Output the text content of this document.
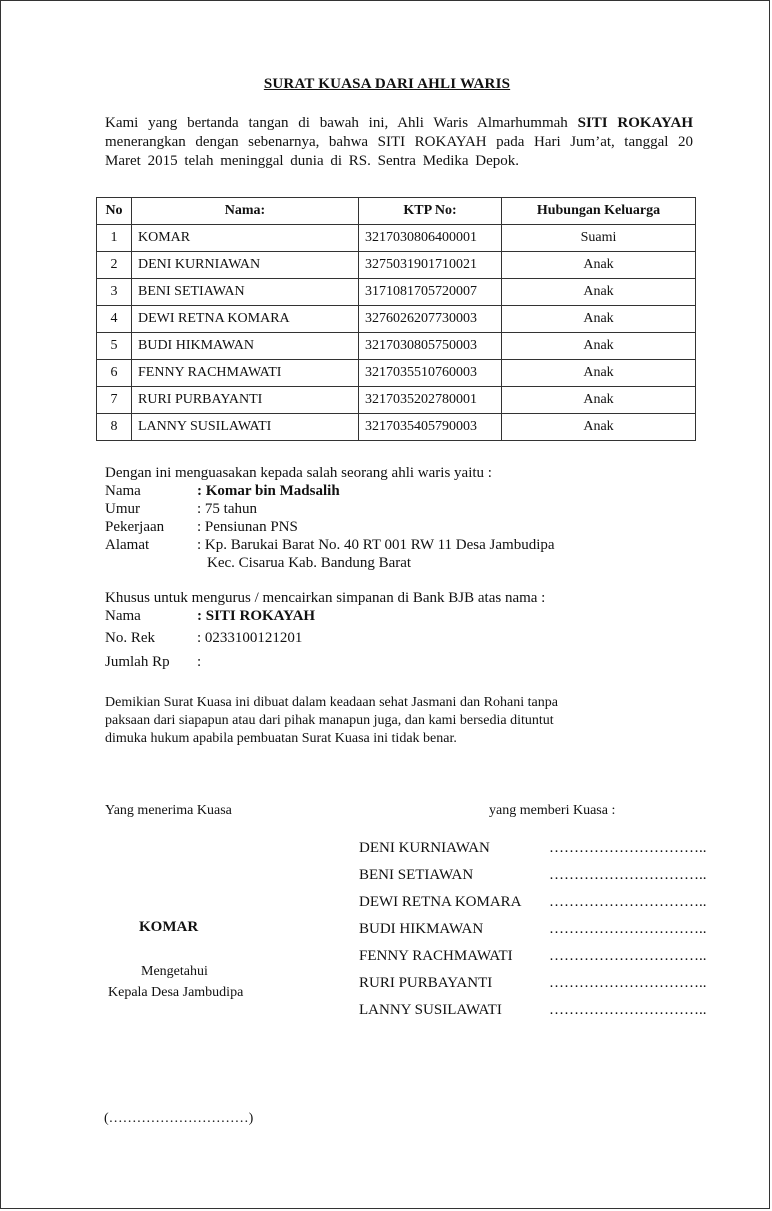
SURAT KUASA DARI AHLI WARIS
Kami yang bertanda tangan di bawah ini, Ahli Waris Almarhummah SITI ROKAYAH menerangkan dengan sebenarnya, bahwa SITI ROKAYAH pada Hari Jum’at, tanggal 20 Maret 2015 telah meninggal dunia di RS. Sentra Medika Depok.
No	Nama:	KTP No:	Hubungan Keluarga
1	KOMAR	3217030806400001	Suami
2	DENI KURNIAWAN	3275031901710021	Anak
3	BENI SETIAWAN	3171081705720007	Anak
4	DEWI RETNA KOMARA	3276026207730003	Anak
5	BUDI HIKMAWAN	3217030805750003	Anak
6	FENNY RACHMAWATI	3217035510760003	Anak
7	RURI PURBAYANTI	3217035202780001	Anak
8	LANNY SUSILAWATI	3217035405790003	Anak
Dengan ini menguasakan kepada salah seorang ahli waris yaitu :
Nama	: Komar bin Madsalih
Umur	: 75 tahun
Pekerjaan	: Pensiunan PNS
Alamat	: Kp. Barukai Barat No. 40 RT 001 RW 11 Desa Jambudipa
Kec. Cisarua Kab. Bandung Barat
Khusus untuk mengurus / mencairkan simpanan di Bank BJB atas nama :
Nama	: SITI ROKAYAH
No. Rek	: 0233100121201
Jumlah Rp	:
Demikian Surat Kuasa ini dibuat dalam keadaan sehat Jasmani dan Rohani tanpa
paksaan dari siapapun atau dari pihak manapun juga, dan kami bersedia dituntut
dimuka hukum apabila pembuatan Surat Kuasa ini tidak benar.
Yang menerima Kuasa	yang memberi Kuasa :
DENI KURNIAWAN	…………………………..
BENI SETIAWAN	…………………………..
DEWI RETNA KOMARA	…………………………..
BUDI HIKMAWAN	…………………………..
FENNY RACHMAWATI	…………………………..
RURI PURBAYANTI	…………………………..
LANNY SUSILAWATI	…………………………..
KOMAR
Mengetahui
Kepala Desa Jambudipa
(…………………………)
